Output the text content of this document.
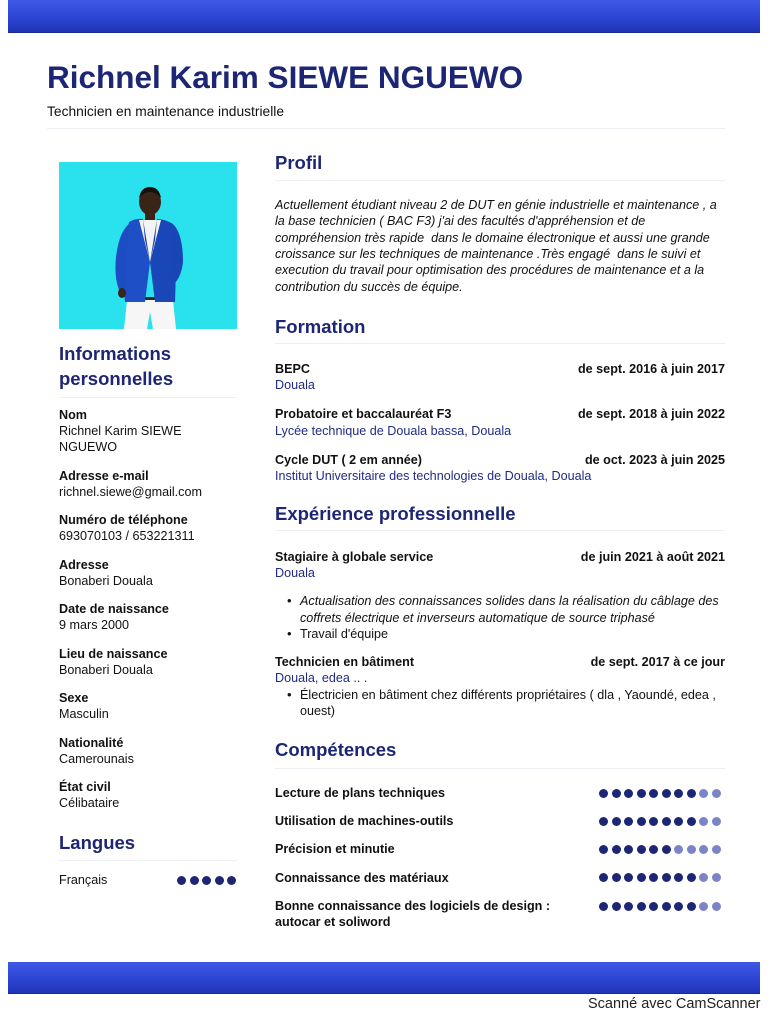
Richnel Karim SIEWE NGUEWO
Technicien en maintenance industrielle
Informations personnelles
Nom
Richnel Karim SIEWE NGUEWO
Adresse e-mail
richnel.siewe@gmail.com
Numéro de téléphone
693070103 / 653221311
Adresse
Bonaberi Douala
Date de naissance
9 mars 2000
Lieu de naissance
Bonaberi Douala
Sexe
Masculin
Nationalité
Camerounais
État civil
Célibataire
Langues
Français
Profil

Actuellement étudiant niveau 2 de DUT en génie industrielle et maintenance , a la base technicien ( BAC F3) j'ai des facultés d'appréhension et de compréhension très rapide  dans le domaine électronique et aussi une grande croissance sur les techniques de maintenance .Très engagé  dans le suivi et execution du travail pour optimisation des procédures de maintenance et a la contribution du succès de équipe.

Formation
BEPC	de sept. 2016 à juin 2017
Douala
Probatoire et baccalauréat F3	de sept. 2018 à juin 2022
Lycée technique de Douala bassa, Douala
Cycle DUT ( 2 em année)	de oct. 2023 à juin 2025
Institut Universitaire des technologies de Douala, Douala
Expérience professionnelle
Stagiaire à globale service	de juin 2021 à août 2021
Douala
• Actualisation des connaissances solides dans la réalisation du câblage des coffrets électrique et inverseurs automatique de source triphasé
• Travail d'équipe
Technicien en bâtiment	de sept. 2017 à ce jour
Douala, edea .. .
• Électricien en bâtiment chez différents propriétaires ( dla , Yaoundé, edea , ouest)
Compétences
Lecture de plans techniques
Utilisation de machines-outils
Précision et minutie
Connaissance des matériaux
Bonne connaissance des logiciels de design : autocar et soliword
Scanné avec CamScanner
